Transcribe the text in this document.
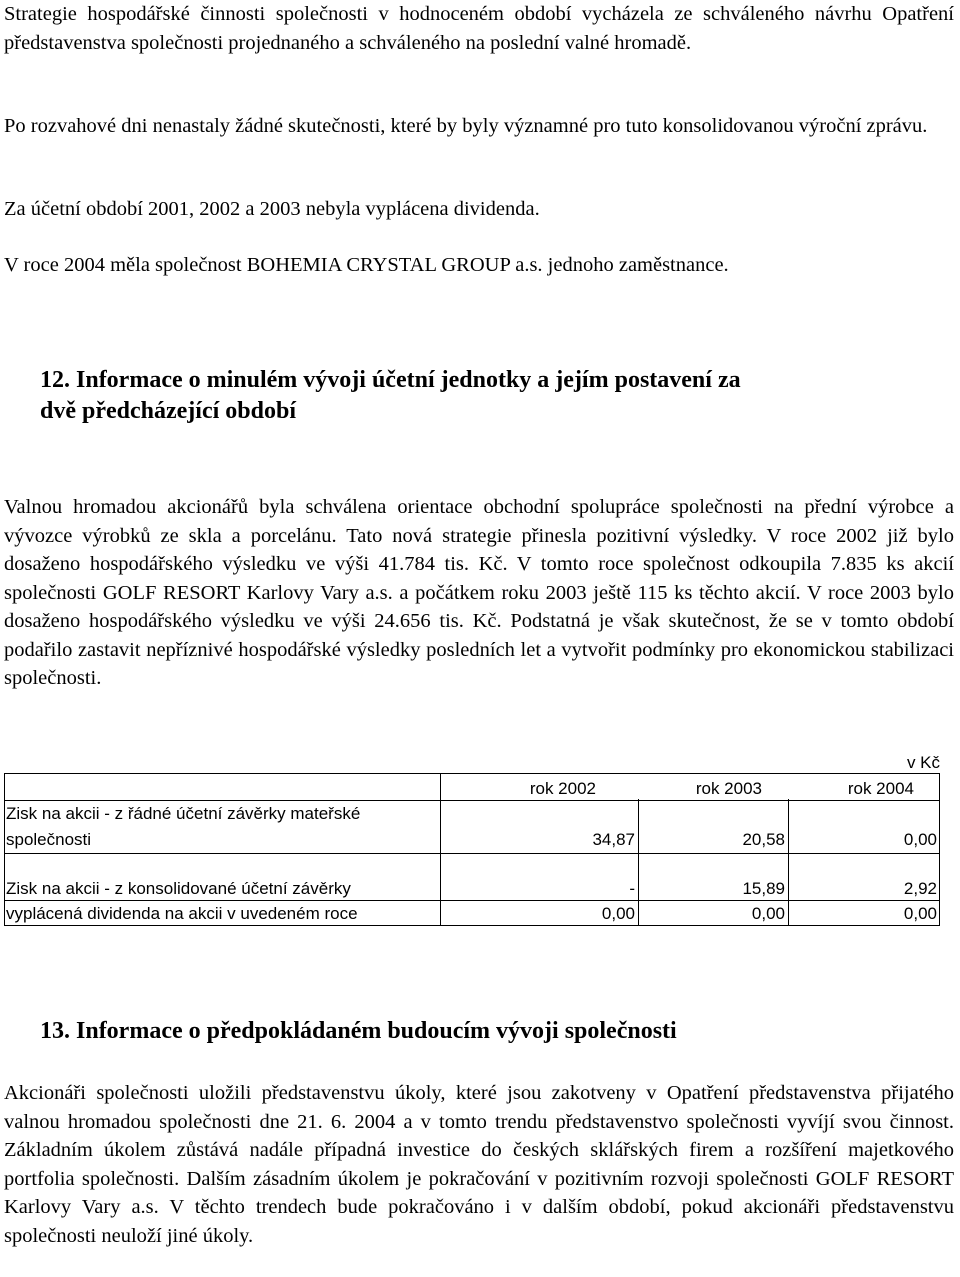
Strategie hospodářské činnosti společnosti v hodnoceném období vycházela ze schváleného návrhu Opatření představenstva společnosti projednaného a schváleného na poslední valné hromadě.

Po rozvahové dni nenastaly žádné skutečnosti, které by byly významné pro tuto konsolidovanou výroční zprávu.

Za účetní období 2001, 2002 a 2003 nebyla vyplácena dividenda.

V roce 2004 měla společnost BOHEMIA CRYSTAL GROUP a.s. jednoho zaměstnance.

12. Informace o minulém vývoji účetní jednotky a jejím postavení za
dvě předcházející období

Valnou hromadou akcionářů byla schválena orientace obchodní spolupráce společnosti na přední výrobce a vývozce výrobků ze skla a porcelánu. Tato nová strategie přinesla pozitivní výsledky. V roce 2002 již bylo dosaženo hospodářského výsledku ve výši 41.784 tis. Kč. V tomto roce společnost odkoupila 7.835 ks akcií společnosti GOLF RESORT Karlovy Vary a.s. a počátkem roku 2003 ještě 115 ks těchto akcií. V roce 2003 bylo dosaženo hospodářského výsledku ve výši 24.656 tis. Kč. Podstatná je však skutečnost, že se v tomto období podařilo zastavit nepříznivé hospodářské výsledky posledních let a vytvořit podmínky pro ekonomickou stabilizaci společnosti.

v Kč
	rok 2002	rok 2003	rok 2004
Zisk na akcii - z řádné účetní závěrky mateřské
společnosti	34,87	20,58	0,00

Zisk na akcii - z konsolidované účetní závěrky	-	15,89	2,92
vyplácená dividenda na akcii v uvedeném roce	0,00	0,00	0,00
13. Informace o předpokládaném budoucím vývoji společnosti

Akcionáři společnosti uložili představenstvu úkoly, které jsou zakotveny v Opatření představenstva přijatého valnou hromadou společnosti dne 21. 6. 2004 a v tomto trendu představenstvo společnosti vyvíjí svou činnost. Základním úkolem zůstává nadále případná investice do českých sklářských firem a rozšíření majetkového portfolia společnosti. Dalším zásadním úkolem je pokračování v pozitivním rozvoji společnosti GOLF RESORT Karlovy Vary a.s. V těchto trendech bude pokračováno i v dalším období, pokud akcionáři představenstvu společnosti neuloží jiné úkoly.
